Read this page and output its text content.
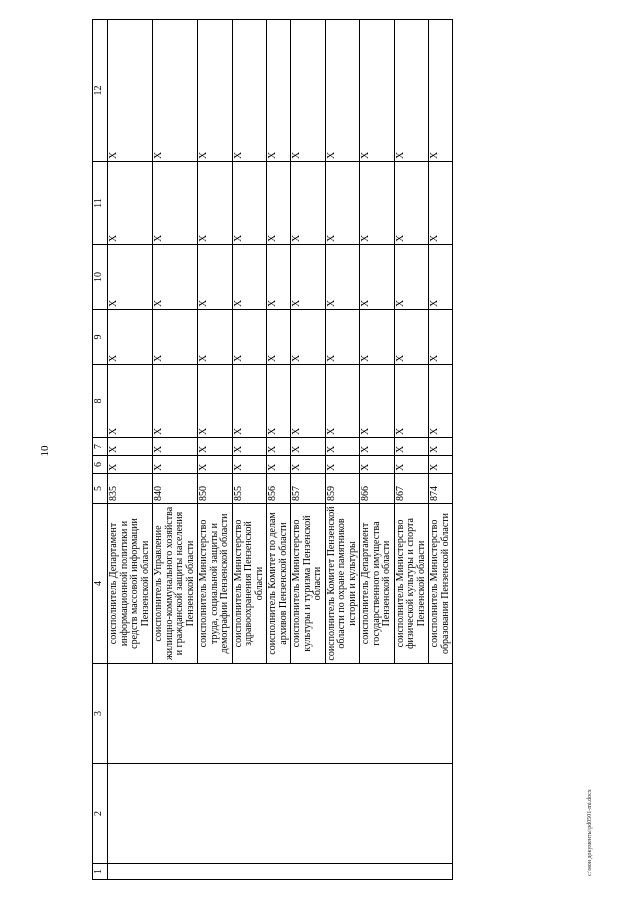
10
1	2	3	4	5	6	7	8	9	10	11	12
			соисполнитель Департамент информационной политики и средств массовой информации Пензенской области	835	X	X	X	X	X	X	X
			соисполнитель Управление жилищно-коммунального хозяйства и гражданской защиты населения Пензенской области	840	X	X	X	X	X	X	X
			соисполнитель Министерство труда, социальной защиты и демографии Пензенской области	850	X	X	X	X	X	X	X
			соисполнитель Министерство здравоохранения Пензенской области	855	X	X	X	X	X	X	X
			соисполнитель Комитет по делам архивов Пензенской области	856	X	X	X	X	X	X	X
			соисполнитель Министерство культуры и туризма Пензенской области	857	X	X	X	X	X	X	X
			соисполнитель Комитет Пензенской области по охране памятников истории и культуры	859	X	X	X	X	X	X	X
			соисполнитель Департамент государственного имущества Пензенской области	866	X	X	X	X	X	X	X
			соисполнитель Министерство физической культуры и спорта Пензенской области	867	X	X	X	X	X	X	X
			соисполнитель Министерство образования Пензенской области	874	X	X	X	X	X	X	X
c:\мои документы\рd0501-mi.docx
